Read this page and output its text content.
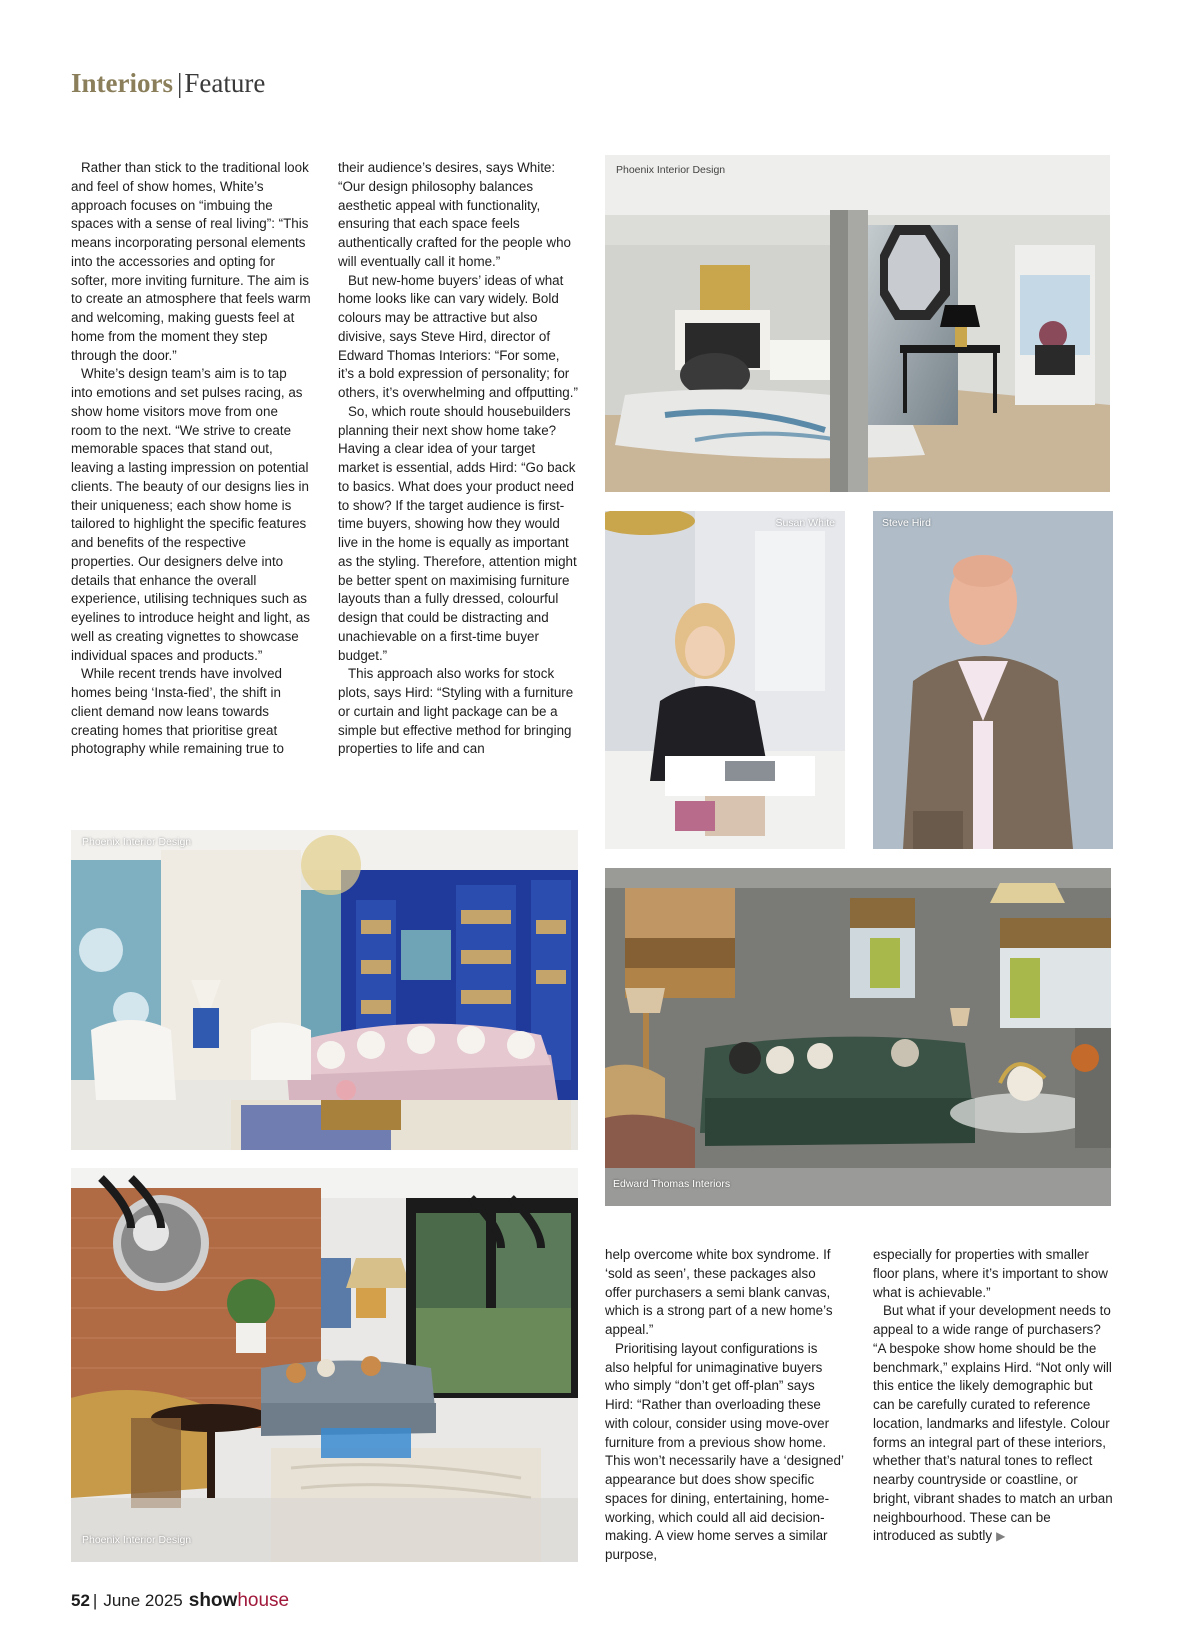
Interiors |Feature

Rather than stick to the traditional look and feel of show homes, White’s approach focuses on “imbuing the spaces with a sense of real living”: “This means incorporating personal elements into the accessories and opting for softer, more inviting furniture. The aim is to create an atmosphere that feels warm and welcoming, making guests feel at home from the moment they step through the door.”

White’s design team’s aim is to tap into emotions and set pulses racing, as show home visitors move from one room to the next. “We strive to create memorable spaces that stand out, leaving a lasting impression on potential clients. The beauty of our designs lies in their uniqueness; each show home is tailored to highlight the specific features and benefits of the respective properties. Our designers delve into details that enhance the overall experience, utilising techniques such as eyelines to introduce height and light, as well as creating vignettes to showcase individual spaces and products.”

While recent trends have involved homes being ‘Insta-fied’, the shift in client demand now leans towards creating homes that prioritise great photography while remaining true to

their audience’s desires, says White: “Our design philosophy balances aesthetic appeal with functionality, ensuring that each space feels authentically crafted for the people who will eventually call it home.”

But new-home buyers’ ideas of what home looks like can vary widely. Bold colours may be attractive but also divisive, says Steve Hird, director of Edward Thomas Interiors: “For some, it’s a bold expression of personality; for others, it’s overwhelming and offputting.”

So, which route should housebuilders planning their next show home take? Having a clear idea of your target market is essential, adds Hird: “Go back to basics. What does your product need to show? If the target audience is first-time buyers, showing how they would live in the home is equally as important as the styling. Therefore, attention might be better spent on maximising furniture layouts than a fully dressed, colourful design that could be distracting and unachievable on a first-time buyer budget.”

This approach also works for stock plots, says Hird: “Styling with a furniture or curtain and light package can be a simple but effective method for bringing properties to life and can

help overcome white box syndrome. If ‘sold as seen’, these packages also offer purchasers a semi blank canvas, which is a strong part of a new home’s appeal.”

Prioritising layout configurations is also helpful for unimaginative buyers who simply “don’t get off-plan” says Hird: “Rather than overloading these with colour, consider using move-over furniture from a previous show home. This won’t necessarily have a ‘designed’ appearance but does show specific spaces for dining, entertaining, home-working, which could all aid decision-making. A view home serves a similar purpose,

especially for properties with smaller floor plans, where it’s important to show what is achievable.”

But what if your development needs to appeal to a wide range of purchasers? “A bespoke show home should be the benchmark,” explains Hird. “Not only will this entice the likely demographic but can be carefully curated to reference location, landmarks and lifestyle. Colour forms an integral part of these interiors, whether that’s natural tones to reflect nearby countryside or coastline, or bright, vibrant shades to match an urban neighbourhood. These can be introduced as subtly ▶

Phoenix Interior Design
Susan White	Steve Hird
Phoenix Interior Design
Edward Thomas Interiors
Phoenix Interior Design
52 | June 2025 showhouse
